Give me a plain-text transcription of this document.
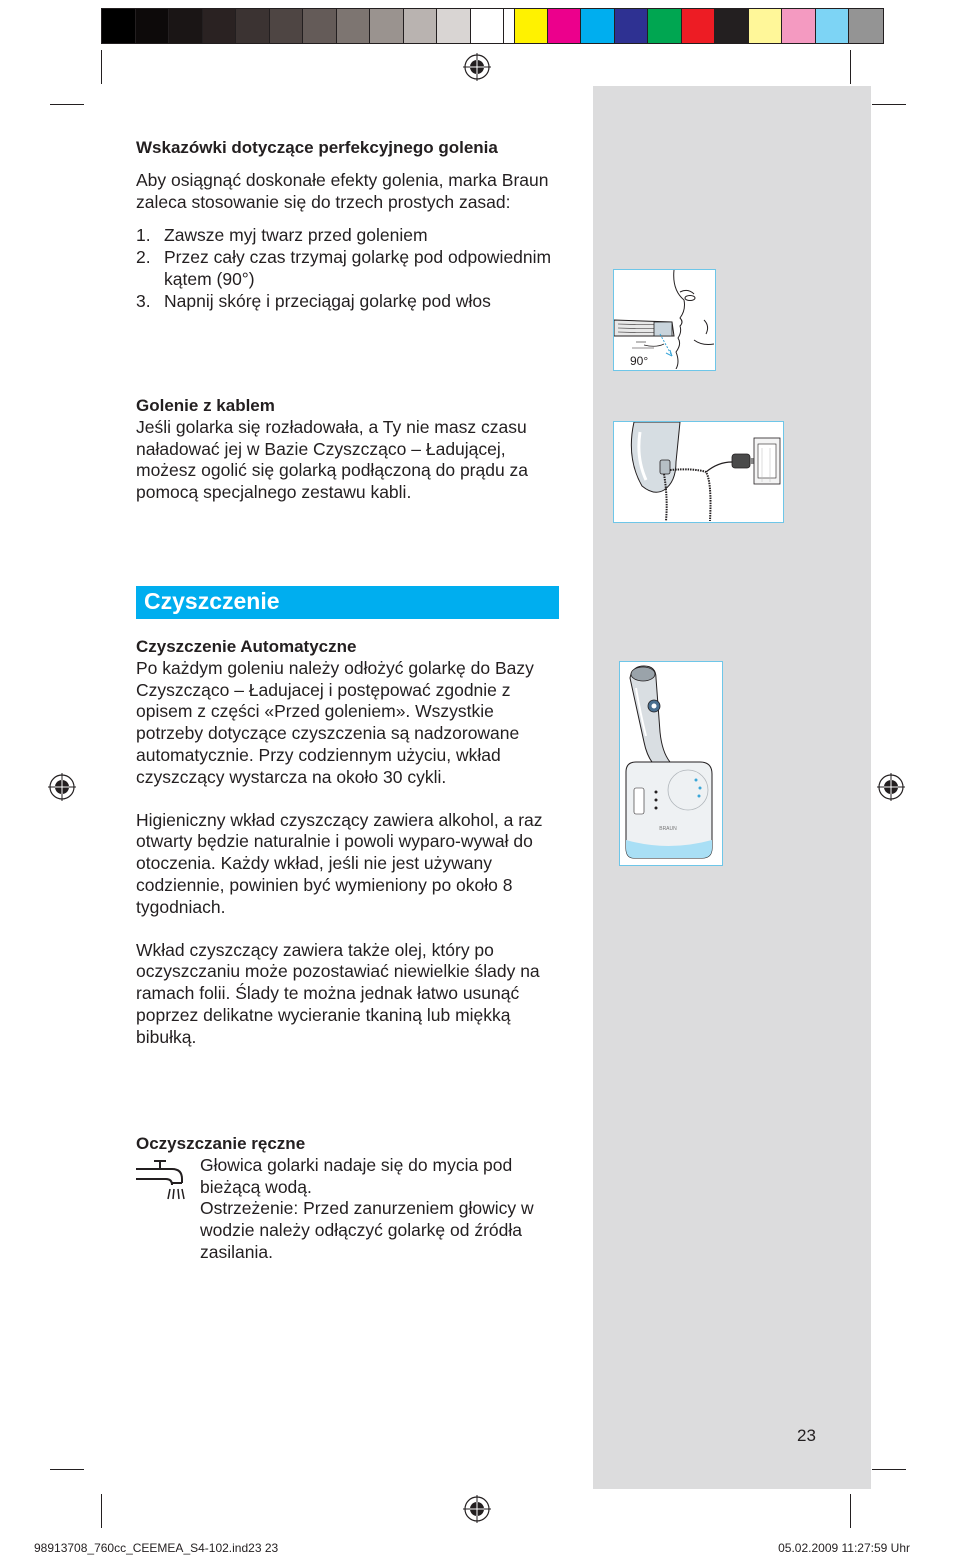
Wskazówki dotyczące perfekcyjnego golenia

Aby osiągnąć doskonałe efekty golenia, marka Braun zaleca stosowanie się do trzech prostych zasad:

1. Zawsze myj twarz przed goleniem
2. Przez cały czas trzymaj golarkę pod odpowiednim kątem (90°)
3. Napnij skórę i przeciągaj golarkę pod włos

Golenie z kablem

Jeśli golarka się rozładowała, a Ty nie masz czasu naładować jej w Bazie Czyszcząco – Ładującej, możesz ogolić się golarką podłączoną do prądu za pomocą specjalnego zestawu kabli.

Czyszczenie

Czyszczenie Automatyczne

Po każdym goleniu należy odłożyć golarkę do Bazy Czyszcząco – Ładujacej i postępować zgodnie z opisem z części «Przed goleniem». Wszystkie potrzeby dotyczące czyszczenia są nadzorowane automatycznie. Przy codziennym użyciu, wkład czyszczący wystarcza na około 30 cykli.

Higieniczny wkład czyszczący zawiera alkohol, a raz otwarty będzie naturalnie i powoli wyparo-wywał do otoczenia. Każdy wkład, jeśli nie jest używany codziennie, powinien być wymieniony po około 8 tygodniach.

Wkład czyszczący zawiera także olej, który po oczyszczaniu może pozostawiać niewielkie ślady na ramach folii. Ślady te można jednak łatwo usunąć poprzez delikatne wycieranie tkaniną lub miękką bibułką.

Oczyszczanie ręczne

Głowica golarki nadaje się do mycia pod bieżącą wodą.

Ostrzeżenie: Przed zanurzeniem głowicy w wodzie należy odłączyć golarkę od źródła zasilania.

90°
BRAUN
23
98913708_760cc_CEEMEA_S4-102.ind23 23	05.02.2009 11:27:59 Uhr
